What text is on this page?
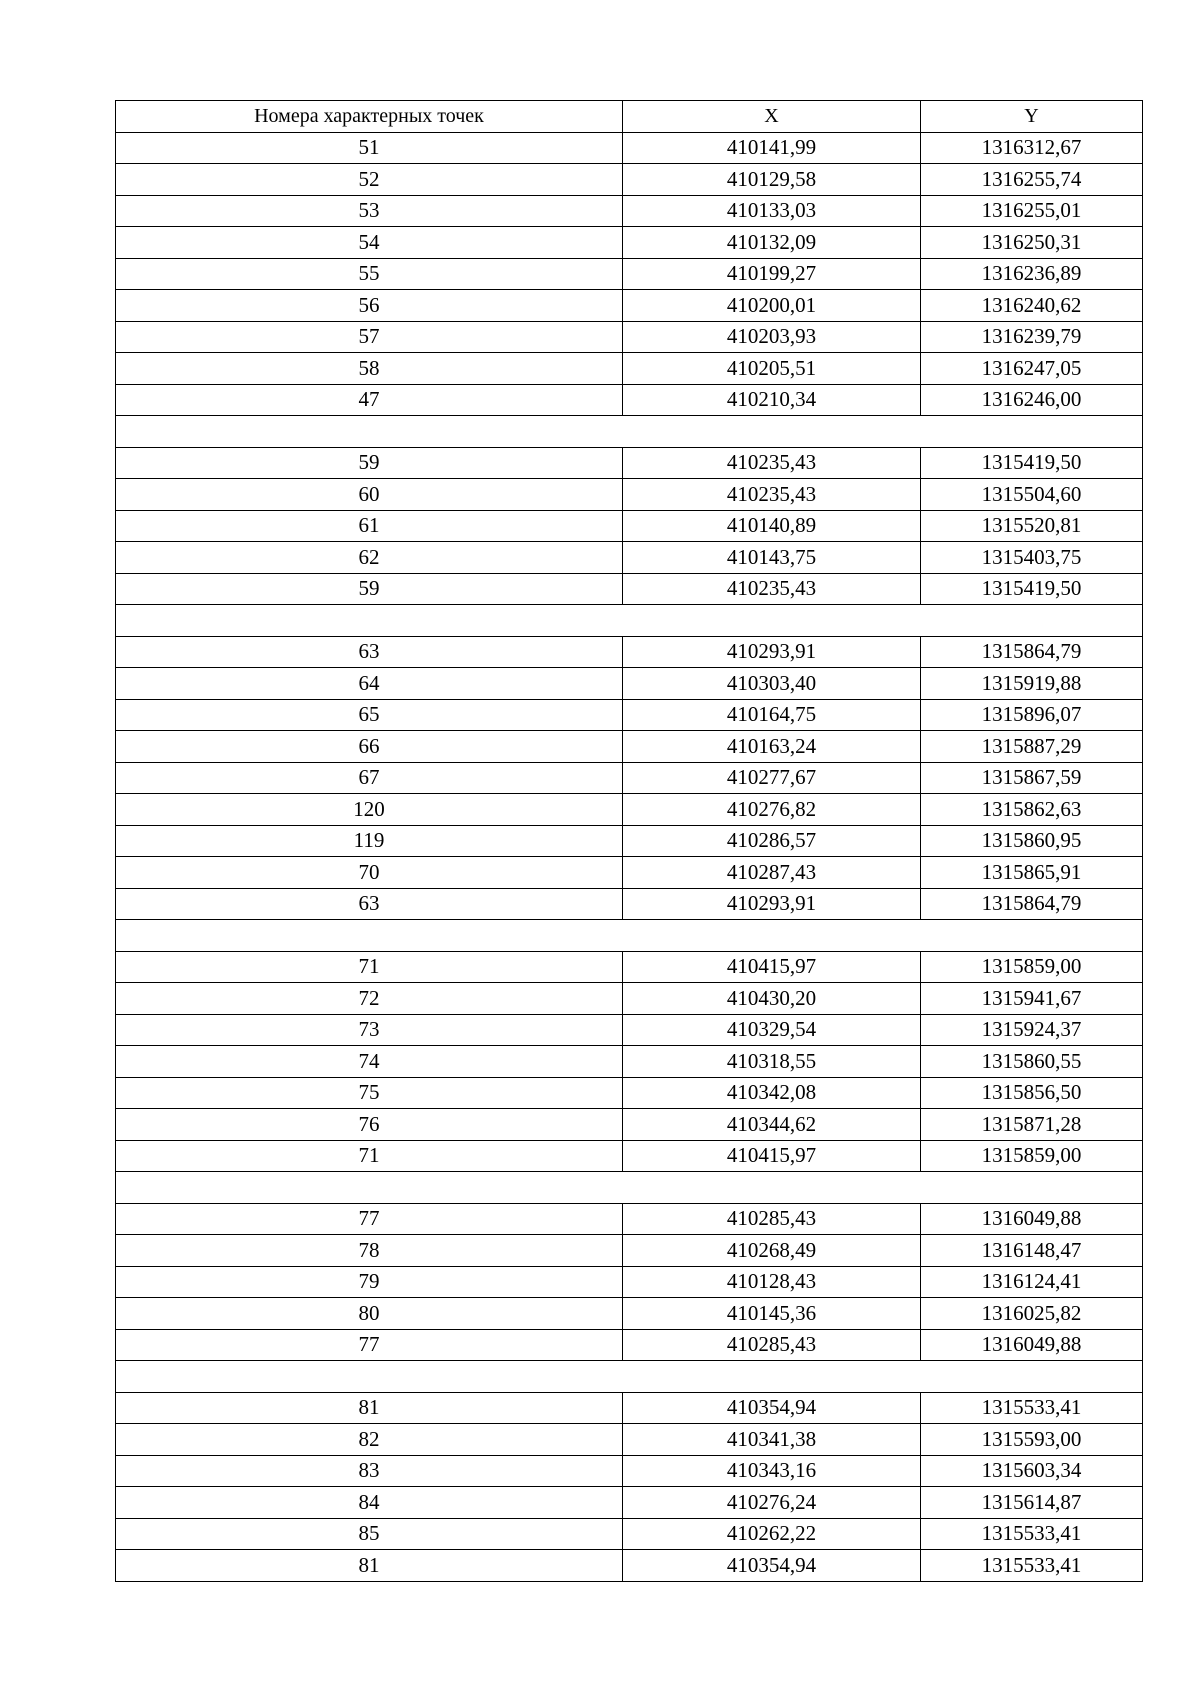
Номера характерных точек	X	Y
51	410141,99	1316312,67
52	410129,58	1316255,74
53	410133,03	1316255,01
54	410132,09	1316250,31
55	410199,27	1316236,89
56	410200,01	1316240,62
57	410203,93	1316239,79
58	410205,51	1316247,05
47	410210,34	1316246,00

59	410235,43	1315419,50
60	410235,43	1315504,60
61	410140,89	1315520,81
62	410143,75	1315403,75
59	410235,43	1315419,50

63	410293,91	1315864,79
64	410303,40	1315919,88
65	410164,75	1315896,07
66	410163,24	1315887,29
67	410277,67	1315867,59
120	410276,82	1315862,63
119	410286,57	1315860,95
70	410287,43	1315865,91
63	410293,91	1315864,79

71	410415,97	1315859,00
72	410430,20	1315941,67
73	410329,54	1315924,37
74	410318,55	1315860,55
75	410342,08	1315856,50
76	410344,62	1315871,28
71	410415,97	1315859,00

77	410285,43	1316049,88
78	410268,49	1316148,47
79	410128,43	1316124,41
80	410145,36	1316025,82
77	410285,43	1316049,88

81	410354,94	1315533,41
82	410341,38	1315593,00
83	410343,16	1315603,34
84	410276,24	1315614,87
85	410262,22	1315533,41
81	410354,94	1315533,41
